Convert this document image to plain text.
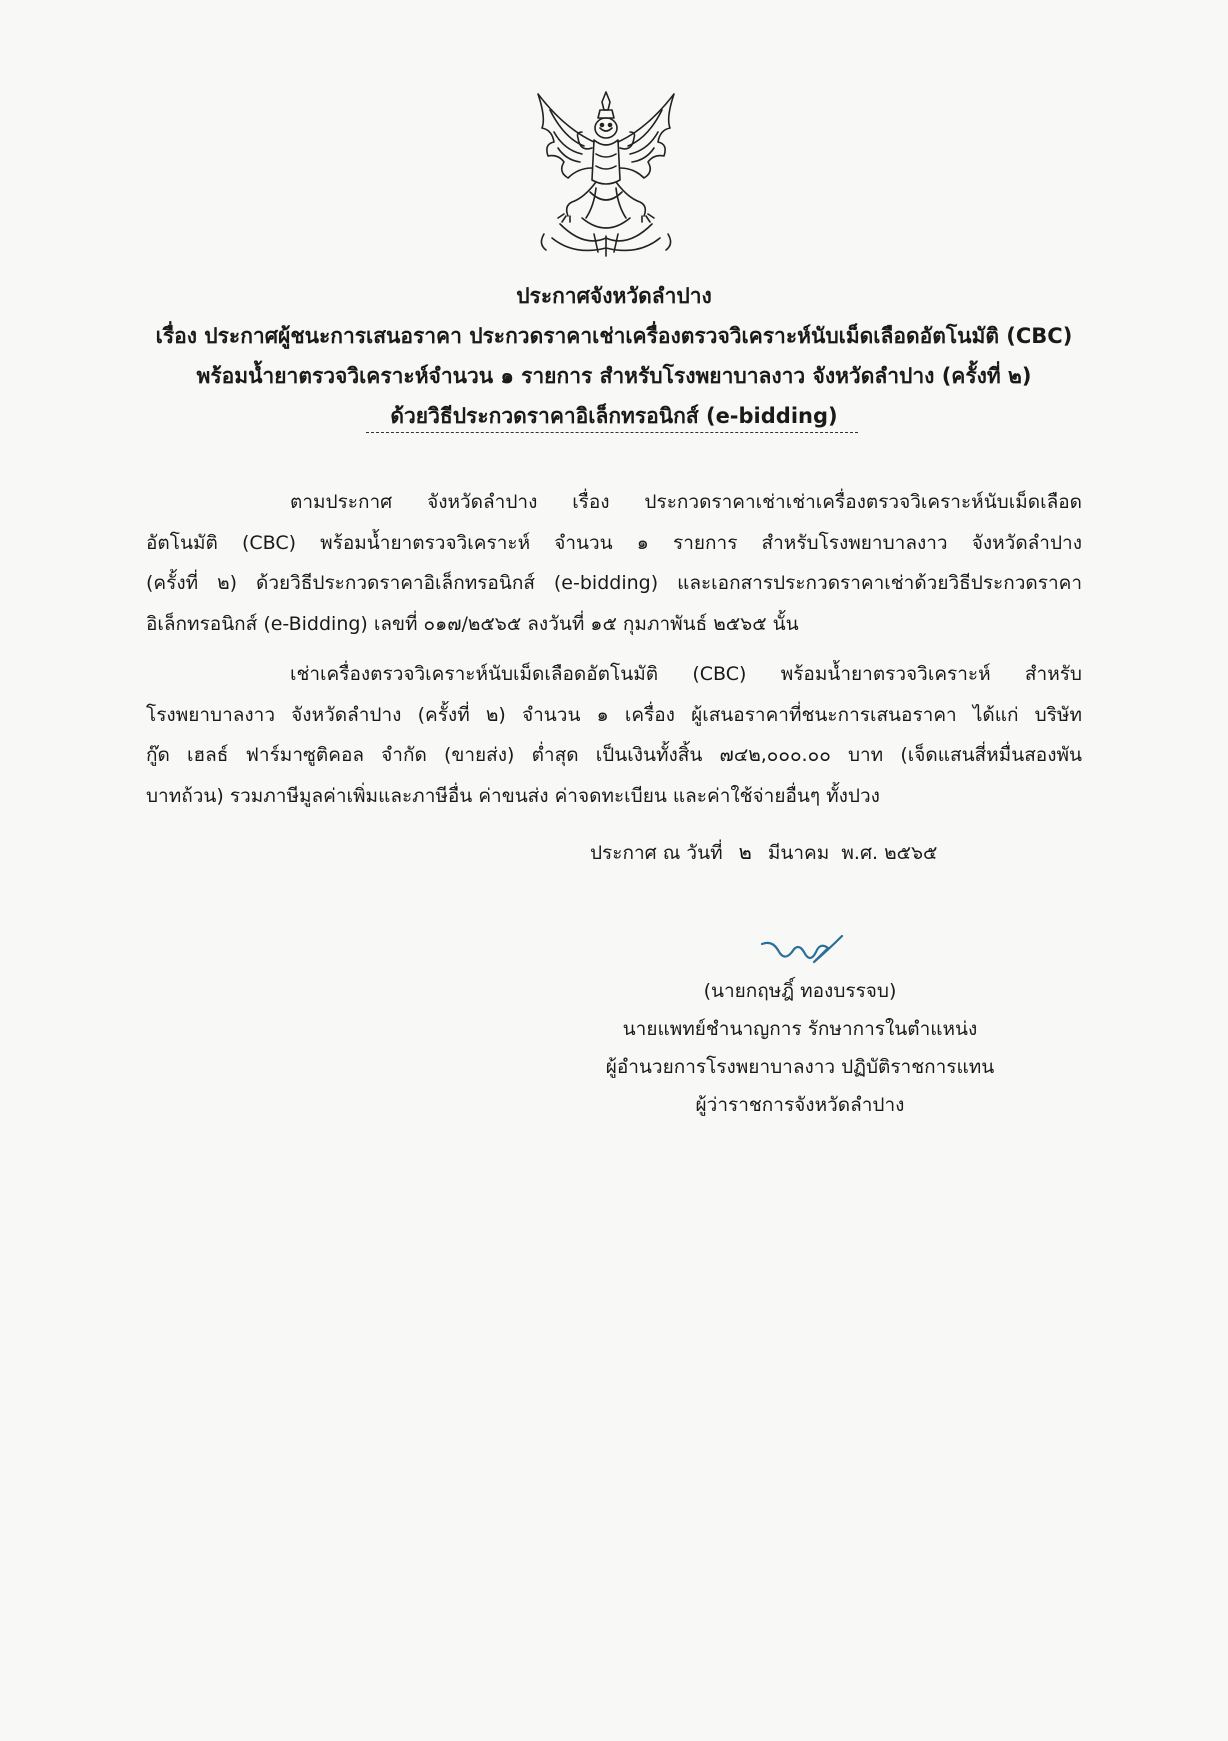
ประกาศจังหวัดลำปาง
เรื่อง ประกาศผู้ชนะการเสนอราคา ประกวดราคาเช่าเครื่องตรวจวิเคราะห์นับเม็ดเลือดอัตโนมัติ (CBC)
พร้อมน้ำยาตรวจวิเคราะห์จำนวน ๑ รายการ สำหรับโรงพยาบาลงาว จังหวัดลำปาง (ครั้งที่ ๒)
ด้วยวิธีประกวดราคาอิเล็กทรอนิกส์ (e-bidding)
ตามประกาศ จังหวัดลำปาง เรื่อง ประกวดราคาเช่าเช่าเครื่องตรวจวิเคราะห์นับเม็ดเลือด
อัตโนมัติ (CBC) พร้อมน้ำยาตรวจวิเคราะห์ จำนวน ๑ รายการ สำหรับโรงพยาบาลงาว จังหวัดลำปาง
(ครั้งที่ ๒) ด้วยวิธีประกวดราคาอิเล็กทรอนิกส์ (e-bidding) และเอกสารประกวดราคาเช่าด้วยวิธีประกวดราคา
อิเล็กทรอนิกส์ (e-Bidding) เลขที่ ๐๑๗/๒๕๖๕ ลงวันที่ ๑๕ กุมภาพันธ์ ๒๕๖๕ นั้น
เช่าเครื่องตรวจวิเคราะห์นับเม็ดเลือดอัตโนมัติ (CBC) พร้อมน้ำยาตรวจวิเคราะห์ สำหรับ
โรงพยาบาลงาว จังหวัดลำปาง (ครั้งที่ ๒) จำนวน ๑ เครื่อง ผู้เสนอราคาที่ชนะการเสนอราคา ได้แก่ บริษัท
กู๊ด เฮลธ์ ฟาร์มาซูติคอล จำกัด (ขายส่ง) ต่ำสุด เป็นเงินทั้งสิ้น ๗๔๒,๐๐๐.๐๐ บาท (เจ็ดแสนสี่หมื่นสองพัน
บาทถ้วน) รวมภาษีมูลค่าเพิ่มและภาษีอื่น ค่าขนส่ง ค่าจดทะเบียน และค่าใช้จ่ายอื่นๆ ทั้งปวง
ประกาศ ณ วันที่ ๒ มีนาคม พ.ศ. ๒๕๖๕
(นายกฤษฎิ์ ทองบรรจบ)
นายแพทย์ชำนาญการ รักษาการในตำแหน่ง
ผู้อำนวยการโรงพยาบาลงาว ปฏิบัติราชการแทน
ผู้ว่าราชการจังหวัดลำปาง
